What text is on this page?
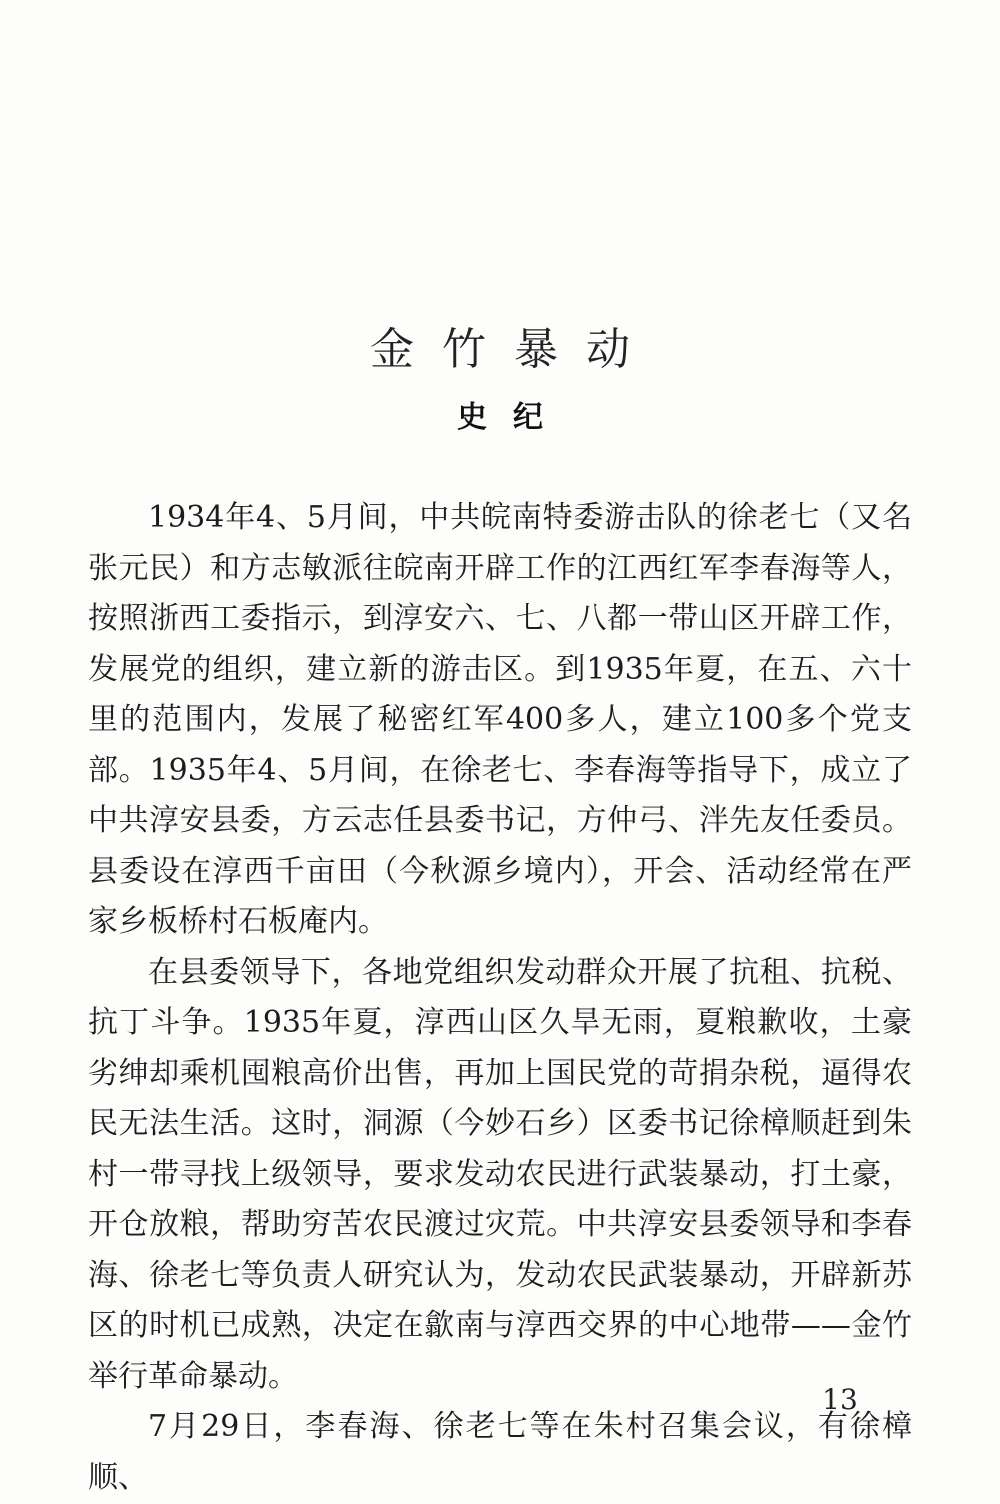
金竹暴动
史纪

1934年4、5月间，中共皖南特委游击队的徐老七（又名张元民）和方志敏派往皖南开辟工作的江西红军李春海等人，按照浙西工委指示，到淳安六、七、八都一带山区开辟工作，发展党的组织，建立新的游击区。到1935年夏，在五、六十里的范围内，发展了秘密红军400多人，建立100多个党支部。1935年4、5月间，在徐老七、李春海等指导下，成立了中共淳安县委，方云志任县委书记，方仲弓、泮先友任委员。县委设在淳西千亩田（今秋源乡境内），开会、活动经常在严家乡板桥村石板庵内。

在县委领导下，各地党组织发动群众开展了抗租、抗税、抗丁斗争。1935年夏，淳西山区久旱无雨，夏粮歉收，土豪劣绅却乘机囤粮高价出售，再加上国民党的苛捐杂税，逼得农民无法生活。这时，洞源（今妙石乡）区委书记徐樟顺赶到朱村一带寻找上级领导，要求发动农民进行武装暴动，打土豪，开仓放粮，帮助穷苦农民渡过灾荒。中共淳安县委领导和李春海、徐老七等负责人研究认为，发动农民武装暴动，开辟新苏区的时机已成熟，决定在歙南与淳西交界的中心地带——金竹举行革命暴动。

7月29日，李春海、徐老七等在朱村召集会议，有徐樟顺、

13
